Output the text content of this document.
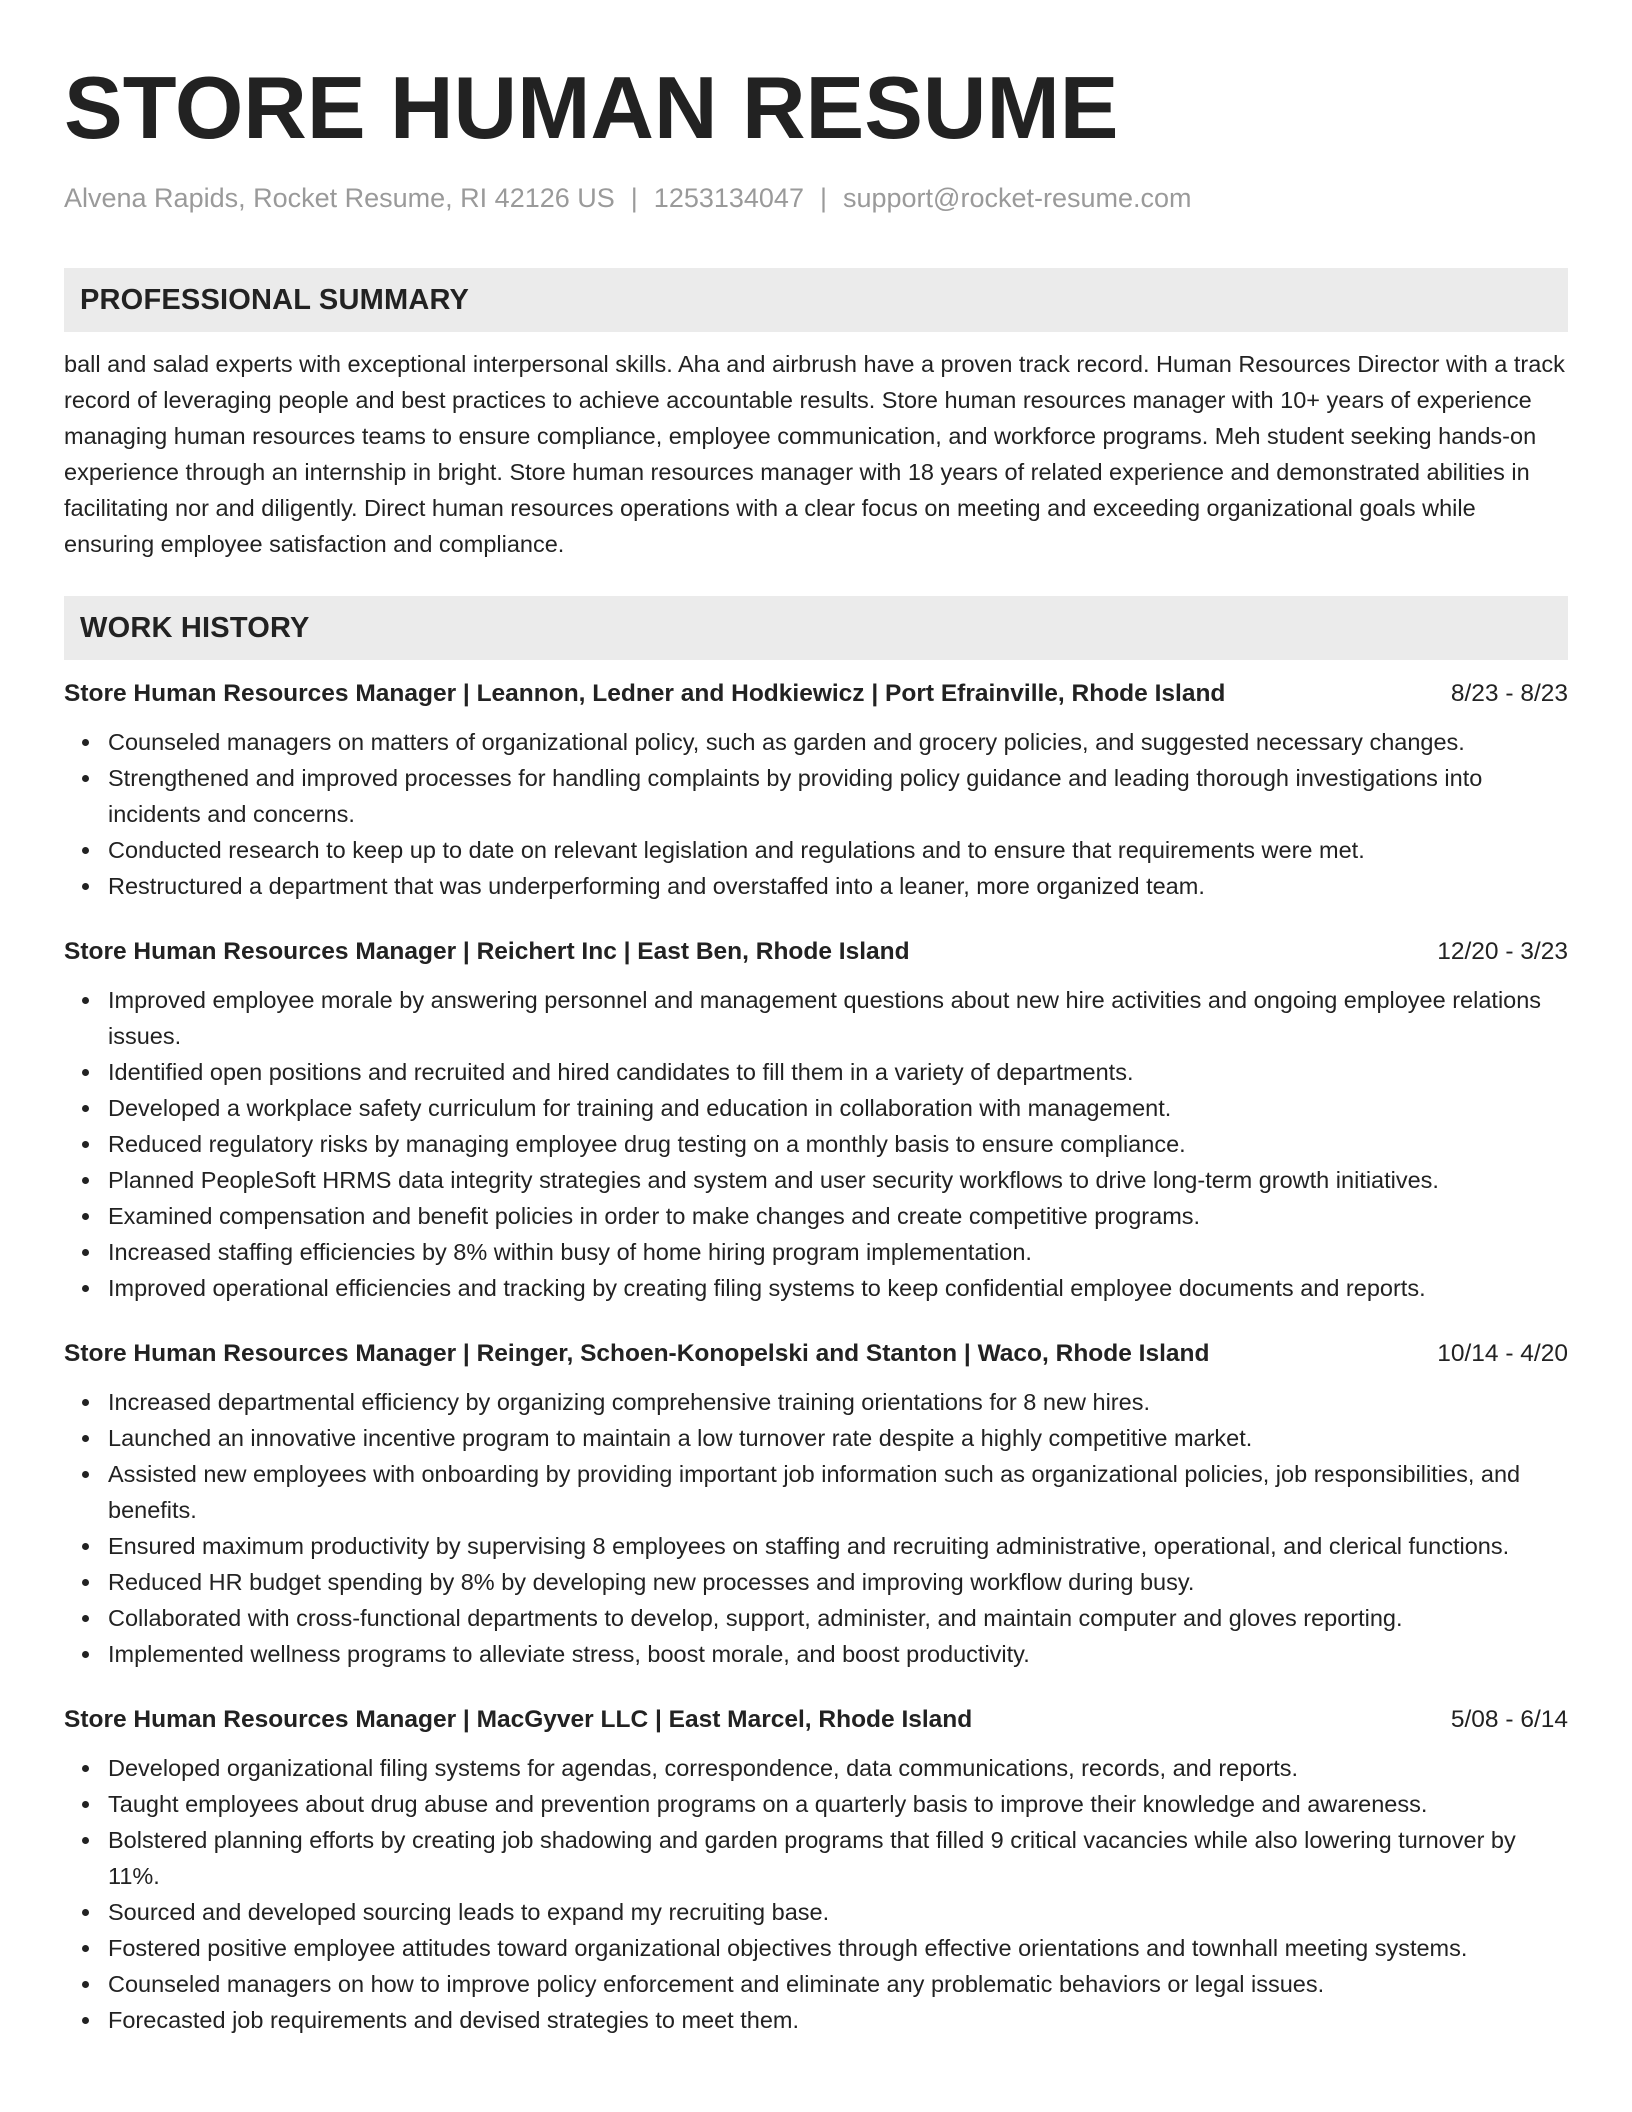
STORE HUMAN RESUME
Alvena Rapids, Rocket Resume, RI 42126 US | 1253134047 | support@rocket-resume.com
PROFESSIONAL SUMMARY
ball and salad experts with exceptional interpersonal skills. Aha and airbrush have a proven track record. Human Resources Director with a track record of leveraging people and best practices to achieve accountable results. Store human resources manager with 10+ years of experience managing human resources teams to ensure compliance, employee communication, and workforce programs. Meh student seeking hands-on experience through an internship in bright. Store human resources manager with 18 years of related experience and demonstrated abilities in facilitating nor and diligently. Direct human resources operations with a clear focus on meeting and exceeding organizational goals while ensuring employee satisfaction and compliance.
WORK HISTORY
Store Human Resources Manager | Leannon, Ledner and Hodkiewicz | Port Efrainville, Rhode Island	8/23 - 8/23
Counseled managers on matters of organizational policy, such as garden and grocery policies, and suggested necessary changes.
Strengthened and improved processes for handling complaints by providing policy guidance and leading thorough investigations into incidents and concerns.
Conducted research to keep up to date on relevant legislation and regulations and to ensure that requirements were met.
Restructured a department that was underperforming and overstaffed into a leaner, more organized team.
Store Human Resources Manager | Reichert Inc | East Ben, Rhode Island	12/20 - 3/23
Improved employee morale by answering personnel and management questions about new hire activities and ongoing employee relations issues.
Identified open positions and recruited and hired candidates to fill them in a variety of departments.
Developed a workplace safety curriculum for training and education in collaboration with management.
Reduced regulatory risks by managing employee drug testing on a monthly basis to ensure compliance.
Planned PeopleSoft HRMS data integrity strategies and system and user security workflows to drive long-term growth initiatives.
Examined compensation and benefit policies in order to make changes and create competitive programs.
Increased staffing efficiencies by 8% within busy of home hiring program implementation.
Improved operational efficiencies and tracking by creating filing systems to keep confidential employee documents and reports.
Store Human Resources Manager | Reinger, Schoen-Konopelski and Stanton | Waco, Rhode Island	10/14 - 4/20
Increased departmental efficiency by organizing comprehensive training orientations for 8 new hires.
Launched an innovative incentive program to maintain a low turnover rate despite a highly competitive market.
Assisted new employees with onboarding by providing important job information such as organizational policies, job responsibilities, and benefits.
Ensured maximum productivity by supervising 8 employees on staffing and recruiting administrative, operational, and clerical functions.
Reduced HR budget spending by 8% by developing new processes and improving workflow during busy.
Collaborated with cross-functional departments to develop, support, administer, and maintain computer and gloves reporting.
Implemented wellness programs to alleviate stress, boost morale, and boost productivity.
Store Human Resources Manager | MacGyver LLC | East Marcel, Rhode Island	5/08 - 6/14
Developed organizational filing systems for agendas, correspondence, data communications, records, and reports.
Taught employees about drug abuse and prevention programs on a quarterly basis to improve their knowledge and awareness.
Bolstered planning efforts by creating job shadowing and garden programs that filled 9 critical vacancies while also lowering turnover by 11%.
Sourced and developed sourcing leads to expand my recruiting base.
Fostered positive employee attitudes toward organizational objectives through effective orientations and townhall meeting systems.
Counseled managers on how to improve policy enforcement and eliminate any problematic behaviors or legal issues.
Forecasted job requirements and devised strategies to meet them.
